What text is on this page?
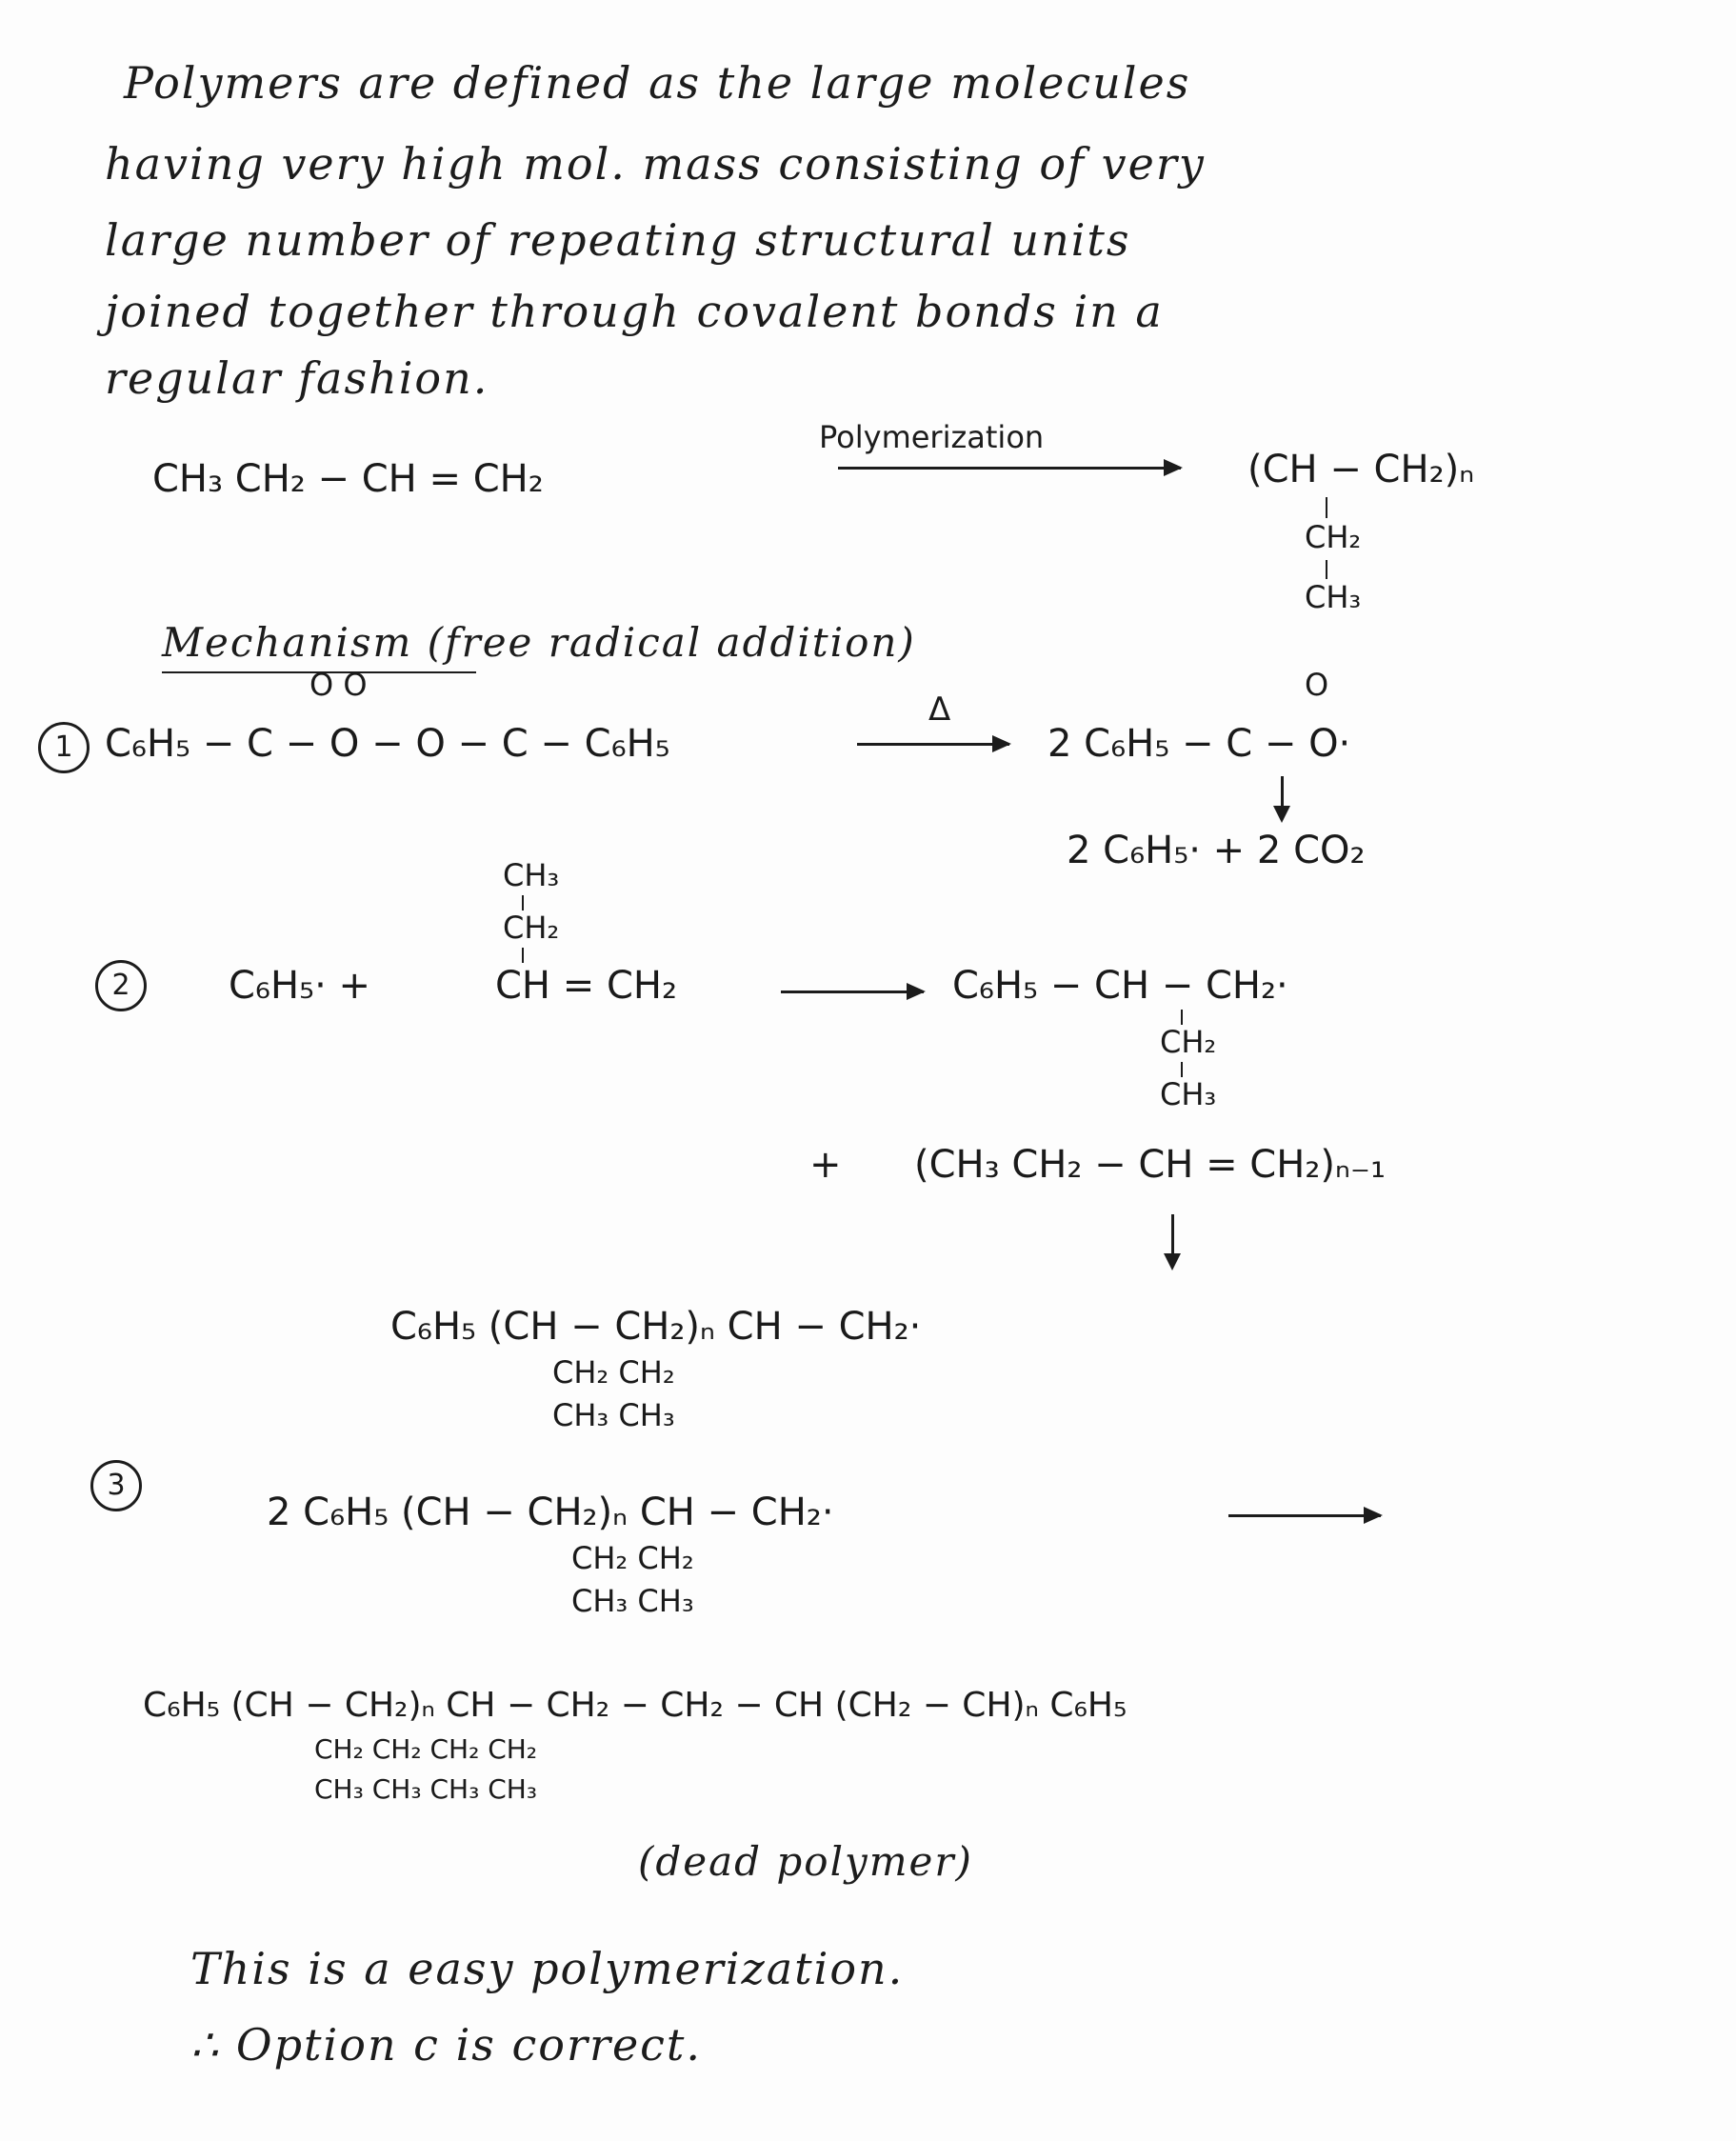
Polymers are defined as the large molecules
having very high mol. mass consisting of very
large number of repeating structural units
joined together through covalent bonds in a
regular fashion.
CH₃ CH₂ − CH = CH₂
Polymerization
(CH − CH₂)ₙ
CH₂
CH₃
Mechanism (free radical addition)
1
O O
C₆H₅ − C − O − O − C − C₆H₅
Δ
O
2 C₆H₅ − C − O·
2 C₆H₅· + 2 CO₂
2
CH₃
CH₂
C₆H₅· +	CH = CH₂	C₆H₅ − CH − CH₂·
CH₂
CH₃
+ (CH₃ CH₂ − CH = CH₂)ₙ₋₁
C₆H₅ (CH − CH₂)ₙ CH − CH₂·
CH₂ CH₂
CH₃ CH₃
3
2 C₆H₅ (CH − CH₂)ₙ CH − CH₂·
CH₂ CH₂
CH₃ CH₃
C₆H₅ (CH − CH₂)ₙ CH − CH₂ − CH₂ − CH (CH₂ − CH)ₙ C₆H₅
CH₂ CH₂ CH₂ CH₂
CH₃ CH₃ CH₃ CH₃
(dead polymer)
This is a easy polymerization.
∴ Option c is correct.
